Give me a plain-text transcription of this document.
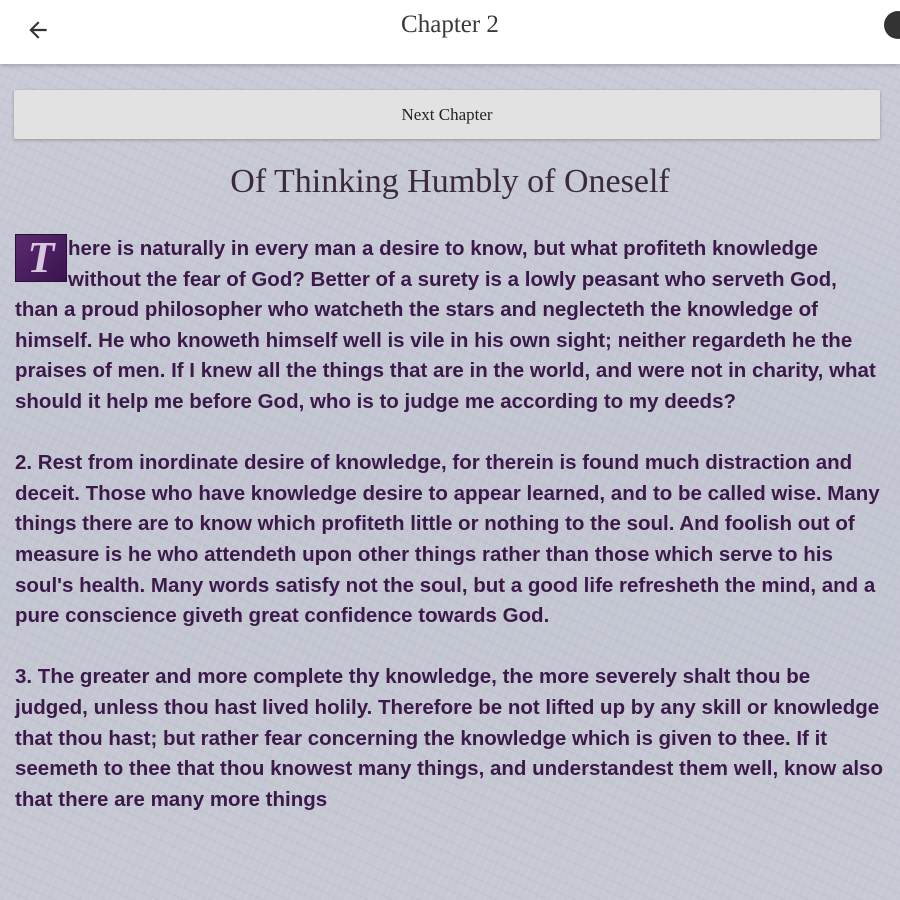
Chapter 2
Next Chapter
Of Thinking Humbly of Oneself

T here is naturally in every man a desire to know, but what profiteth knowledge without the fear of God? Better of a surety is a lowly peasant who serveth God, than a proud philosopher who watcheth the stars and neglecteth the knowledge of himself. He who knoweth himself well is vile in his own sight; neither regardeth he the praises of men. If I knew all the things that are in the world, and were not in charity, what should it help me before God, who is to judge me according to my deeds?

2. Rest from inordinate desire of knowledge, for therein is found much distraction and deceit. Those who have knowledge desire to appear learned, and to be called wise. Many things there are to know which profiteth little or nothing to the soul. And foolish out of measure is he who attendeth upon other things rather than those which serve to his soul's health. Many words satisfy not the soul, but a good life refresheth the mind, and a pure conscience giveth great confidence towards God.

3. The greater and more complete thy knowledge, the more severely shalt thou be judged, unless thou hast lived holily. Therefore be not lifted up by any skill or knowledge that thou hast; but rather fear concerning the knowledge which is given to thee. If it seemeth to thee that thou knowest many things, and understandest them well, know also that there are many more things
